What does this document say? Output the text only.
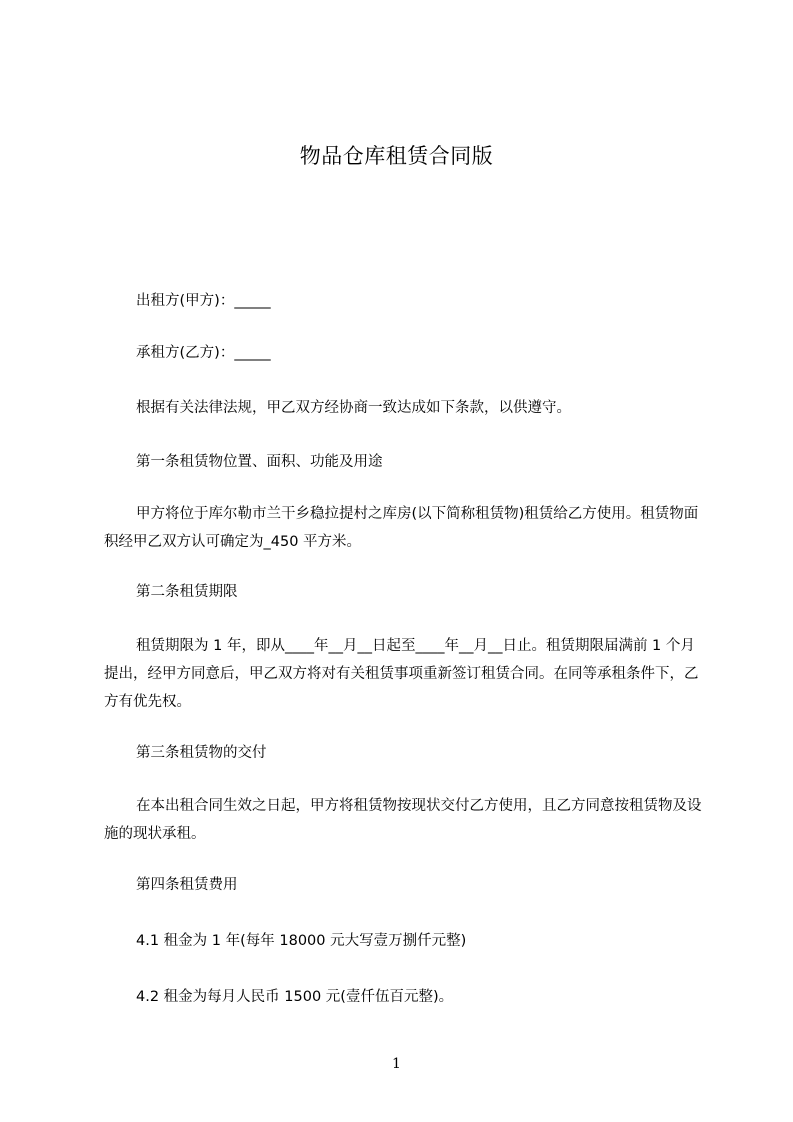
物品仓库租赁合同版

出租方(甲方)：_____

承租方(乙方)：_____

根据有关法律法规，甲乙双方经协商一致达成如下条款，以供遵守。

第一条租赁物位置、面积、功能及用途

甲方将位于库尔勒市兰干乡稳拉提村之库房(以下简称租赁物)租赁给乙方使用。租赁物面积经甲乙双方认可确定为_450 平方米。

第二条租赁期限

租赁期限为 1 年，即从____年__月__日起至____年__月__日止。租赁期限届满前 1 个月提出，经甲方同意后，甲乙双方将对有关租赁事项重新签订租赁合同。在同等承租条件下，乙方有优先权。

第三条租赁物的交付

在本出租合同生效之日起，甲方将租赁物按现状交付乙方使用，且乙方同意按租赁物及设施的现状承租。

第四条租赁费用

4.1 租金为 1 年(每年 18000 元大写壹万捌仟元整)

4.2 租金为每月人民币 1500 元(壹仟伍百元整)。

1
